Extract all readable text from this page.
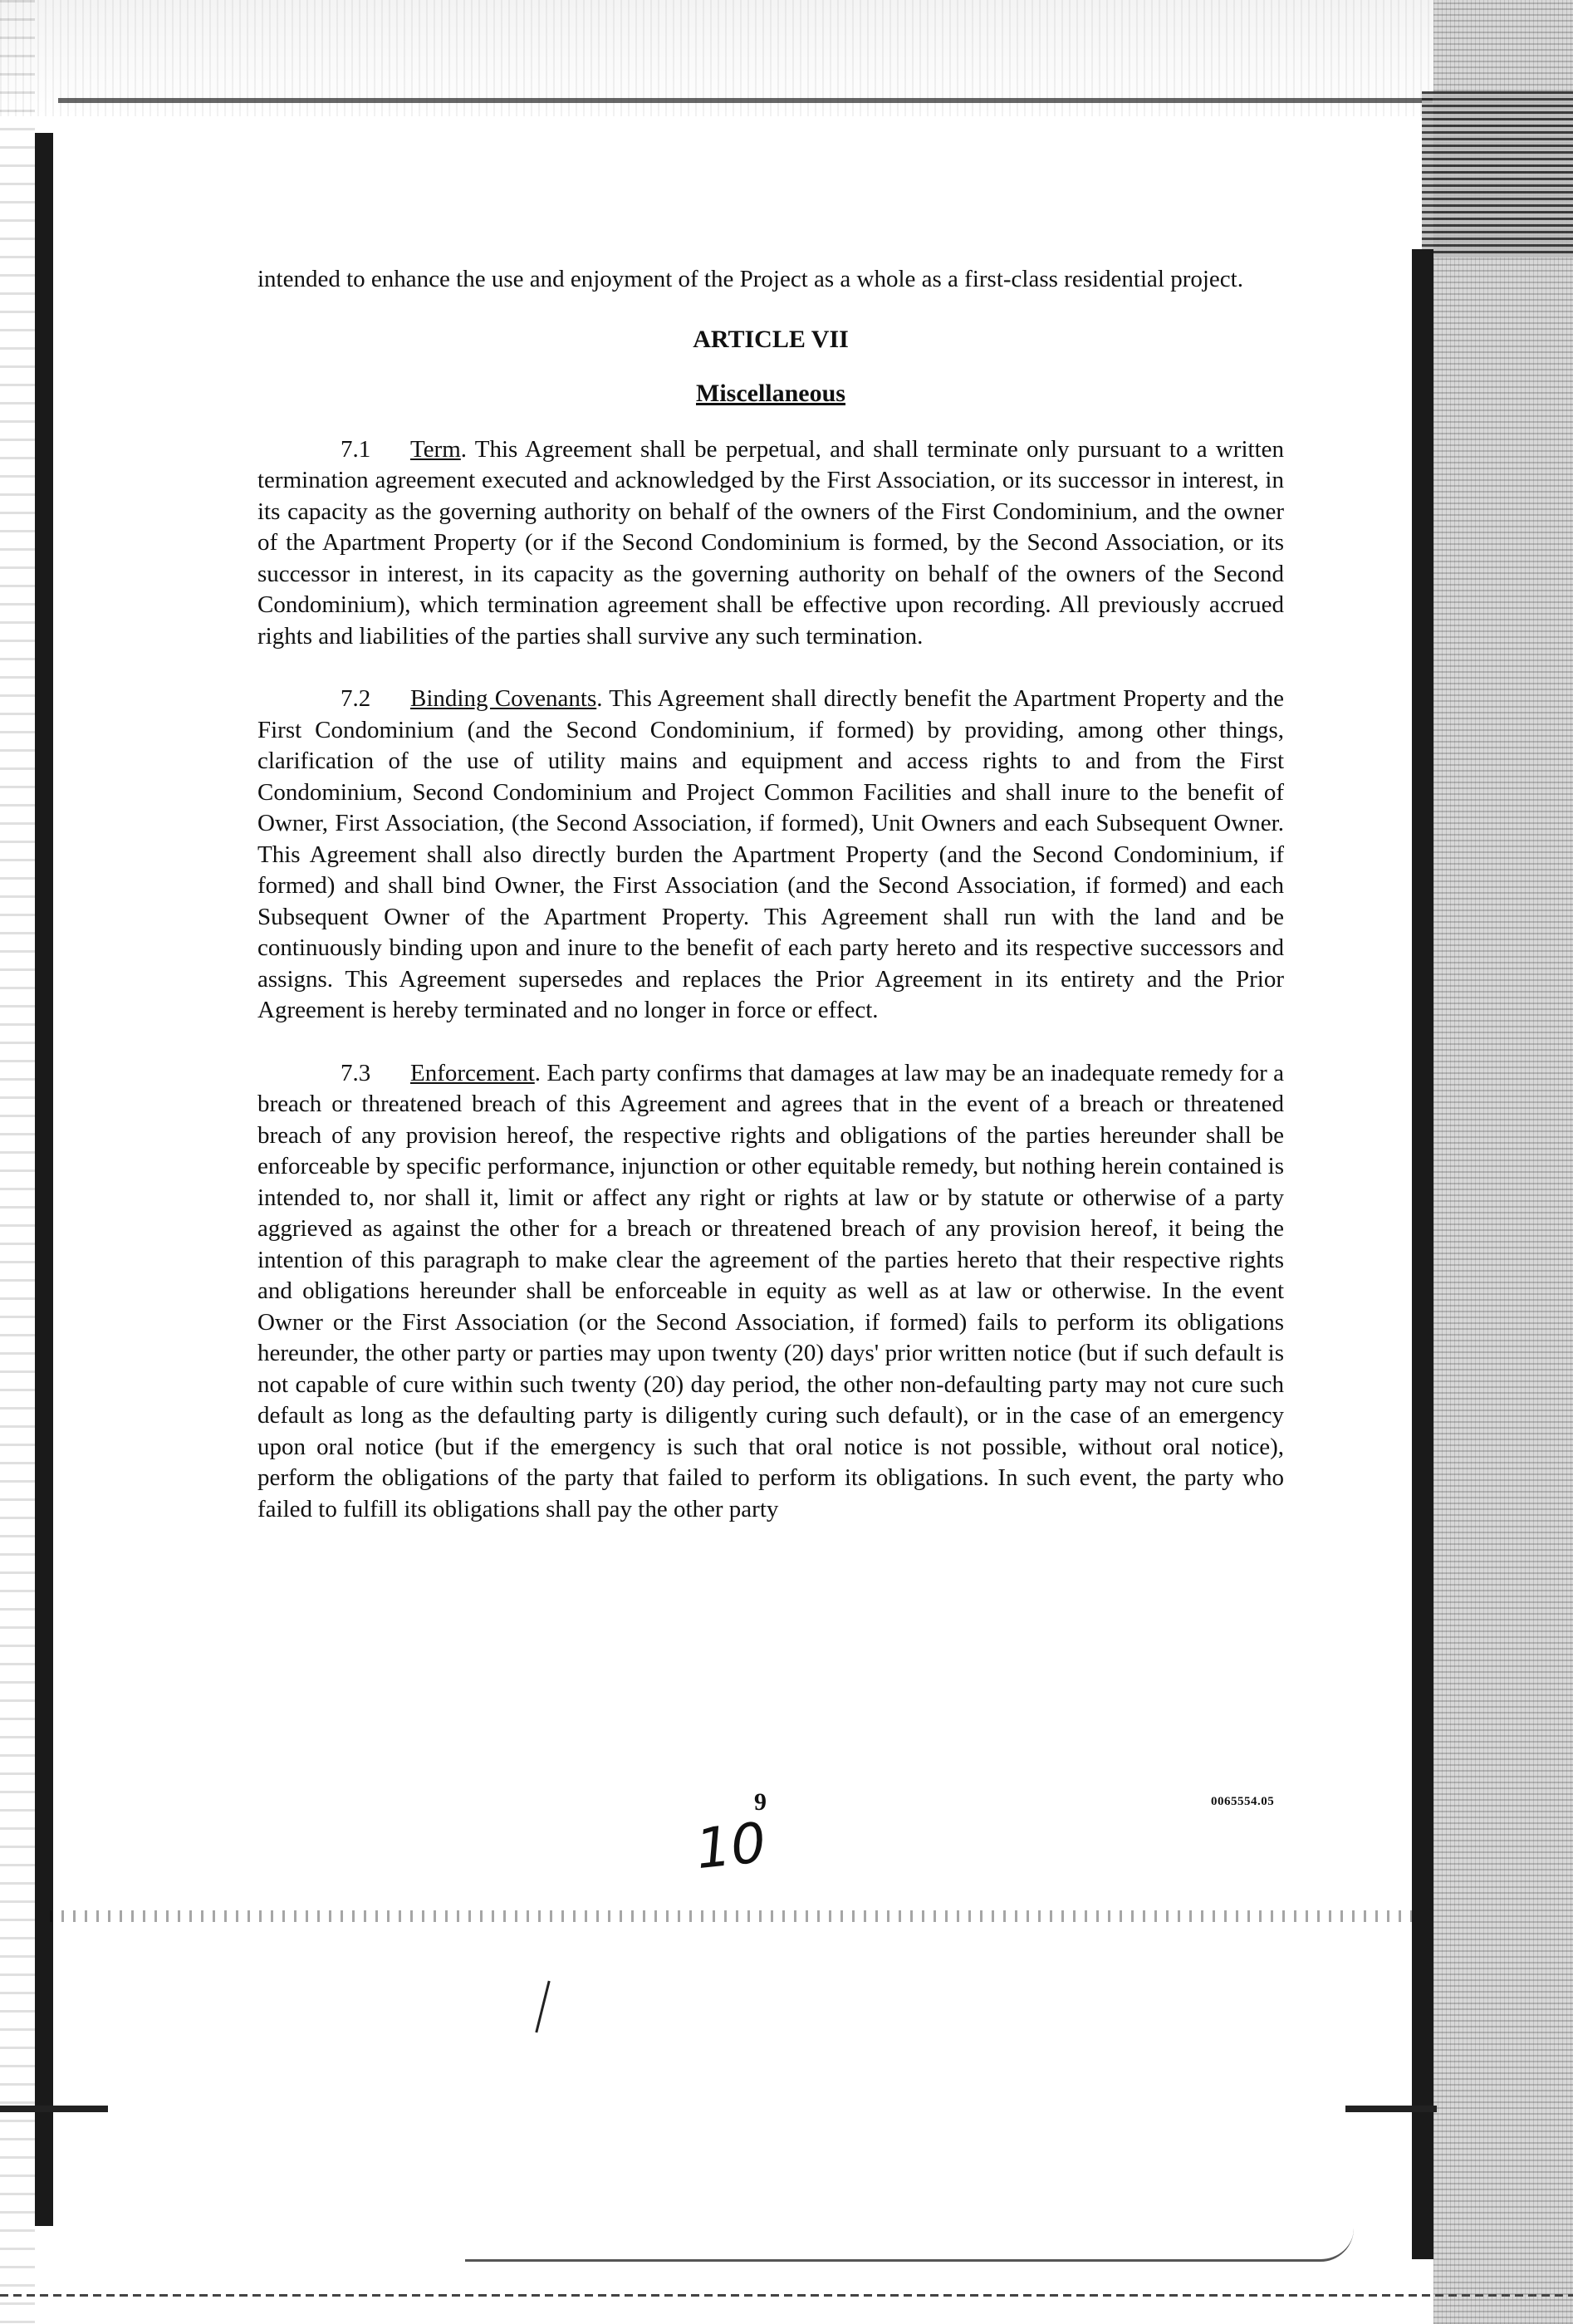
intended to enhance the use and enjoyment of the Project as a whole as a first-class residential project.

ARTICLE VII
Miscellaneous

7.1 Term. This Agreement shall be perpetual, and shall terminate only pursuant to a written termination agreement executed and acknowledged by the First Association, or its successor in interest, in its capacity as the governing authority on behalf of the owners of the First Condominium, and the owner of the Apartment Property (or if the Second Condominium is formed, by the Second Association, or its successor in interest, in its capacity as the governing authority on behalf of the owners of the Second Condominium), which termination agreement shall be effective upon recording. All previously accrued rights and liabilities of the parties shall survive any such termination.

7.2 Binding Covenants. This Agreement shall directly benefit the Apartment Property and the First Condominium (and the Second Condominium, if formed) by providing, among other things, clarification of the use of utility mains and equipment and access rights to and from the First Condominium, Second Condominium and Project Common Facilities and shall inure to the benefit of Owner, First Association, (the Second Association, if formed), Unit Owners and each Subsequent Owner. This Agreement shall also directly burden the Apartment Property (and the Second Condominium, if formed) and shall bind Owner, the First Association (and the Second Association, if formed) and each Subsequent Owner of the Apartment Property. This Agreement shall run with the land and be continuously binding upon and inure to the benefit of each party hereto and its respective successors and assigns. This Agreement supersedes and replaces the Prior Agreement in its entirety and the Prior Agreement is hereby terminated and no longer in force or effect.

7.3 Enforcement. Each party confirms that damages at law may be an inadequate remedy for a breach or threatened breach of this Agreement and agrees that in the event of a breach or threatened breach of any provision hereof, the respective rights and obligations of the parties hereunder shall be enforceable by specific performance, injunction or other equitable remedy, but nothing herein contained is intended to, nor shall it, limit or affect any right or rights at law or by statute or otherwise of a party aggrieved as against the other for a breach or threatened breach of any provision hereof, it being the intention of this paragraph to make clear the agreement of the parties hereto that their respective rights and obligations hereunder shall be enforceable in equity as well as at law or otherwise. In the event Owner or the First Association (or the Second Association, if formed) fails to perform its obligations hereunder, the other party or parties may upon twenty (20) days' prior written notice (but if such default is not capable of cure within such twenty (20) day period, the other non-defaulting party may not cure such default as long as the defaulting party is diligently curing such default), or in the case of an emergency upon oral notice (but if the emergency is such that oral notice is not possible, without oral notice), perform the obligations of the party that failed to perform its obligations. In such event, the party who failed to fulfill its obligations shall pay the other party

9	0065554.05
10
